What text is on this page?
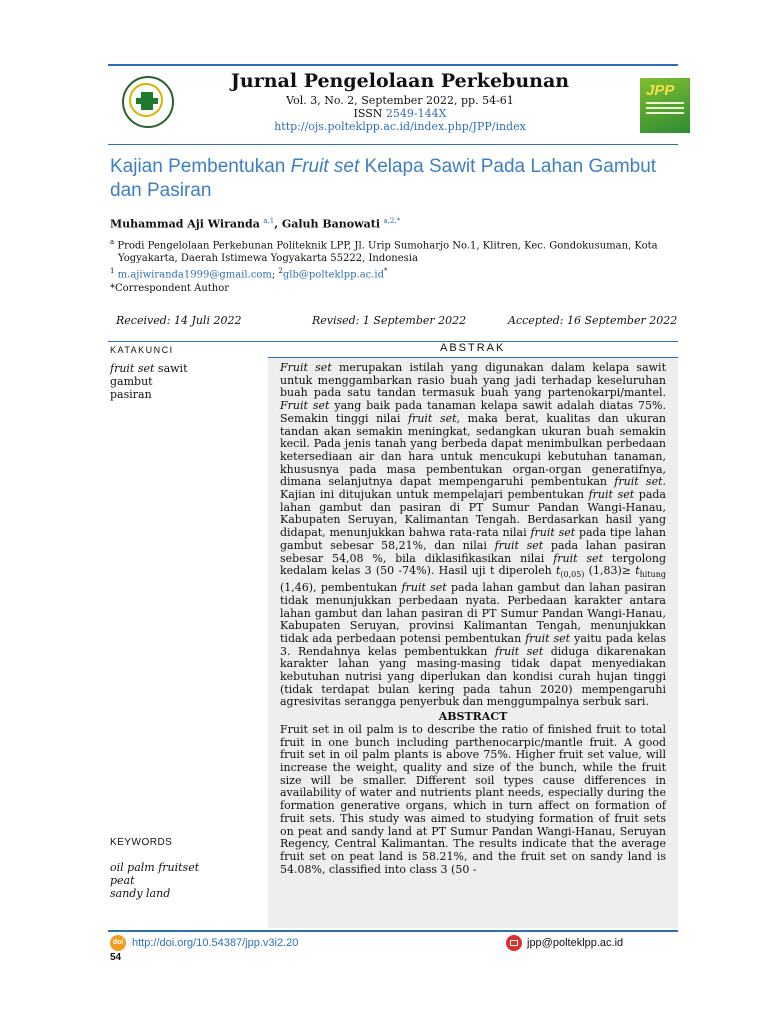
Jurnal Pengelolaan Perkebunan
Vol. 3, No. 2, September 2022, pp. 54-61
ISSN 2549-144X
http://ojs.polteklpp.ac.id/index.php/JPP/index
JPP
Kajian Pembentukan Fruit set Kelapa Sawit Pada Lahan Gambut dan Pasiran
Muhammad Aji Wiranda $^{a,1}$, Galuh Banowati $^{a,2,*}$
$^a$ Prodi Pengelolaan Perkebunan Politeknik LPP, Jl. Urip Sumoharjo No.1, Klitren, Kec. Gondokusuman, Kota
Yogyakarta, Daerah Istimewa Yogyakarta 55222, Indonesia
$^1$ m.ajiwiranda1999@gmail.com; $^2$glb@polteklpp.ac.id*
*Correspondent Author
Received: 14 Juli 2022	Revised: 1 September 2022	Accepted: 16 September 2022
KATAKUNCI	ABSTRAK
fruit set sawit
gambut
pasiran
Fruit set merupakan istilah yang digunakan dalam kelapa sawit untuk menggambarkan rasio buah yang jadi terhadap keseluruhan buah pada satu tandan termasuk buah yang partenokarpi/mantel. Fruit set yang baik pada tanaman kelapa sawit adalah diatas 75%. Semakin tinggi nilai fruit set, maka berat, kualitas dan ukuran tandan akan semakin meningkat, sedangkan ukuran buah semakin kecil. Pada jenis tanah yang berbeda dapat menimbulkan perbedaan ketersediaan air dan hara untuk mencukupi kebutuhan tanaman, khususnya pada masa pembentukan organ-organ generatifnya, dimana selanjutnya dapat mempengaruhi pembentukan fruit set. Kajian ini ditujukan untuk mempelajari pembentukan fruit set pada lahan gambut dan pasiran di PT Sumur Pandan Wangi-Hanau, Kabupaten Seruyan, Kalimantan Tengah. Berdasarkan hasil yang didapat, menunjukkan bahwa rata-rata nilai fruit set pada tipe lahan gambut sebesar 58,21%, dan nilai fruit set pada lahan pasiran sebesar 54,08 %, bila diklasifikasikan nilai fruit set tergolong kedalam kelas 3 (50 -74%). Hasil uji t diperoleh $t_{(0,05)}$ $(1,83)\ge t_{hitung}$ (1,46), pembentukan fruit set pada lahan gambut dan lahan pasiran tidak menunjukkan perbedaan nyata. Perbedaan karakter antara lahan gambut dan lahan pasiran di PT Sumur Pandan Wangi-Hanau, Kabupaten Seruyan, provinsi Kalimantan Tengah, menunjukkan tidak ada perbedaan potensi pembentukan fruit set yaitu pada kelas 3. Rendahnya kelas pembentukkan fruit set diduga dikarenakan karakter lahan yang masing-masing tidak dapat menyediakan kebutuhan nutrisi yang diperlukan dan kondisi curah hujan tinggi (tidak terdapat bulan kering pada tahun 2020) mempengaruhi agresivitas serangga penyerbuk dan menggumpalnya serbuk sari.
ABSTRACT
Fruit set in oil palm is to describe the ratio of finished fruit to total fruit in one bunch including parthenocarpic/mantle fruit. A good fruit set in oil palm plants is above 75%. Higher fruit set value, will increase the weight, quality and size of the bunch, while the fruit size will be smaller. Different soil types cause differences in availability of water and nutrients plant needs, especially during the formation generative organs, which in turn affect on formation of fruit sets. This study was aimed to studying formation of fruit sets on peat and sandy land at PT Sumur Pandan Wangi-Hanau, Seruyan Regency, Central Kalimantan. The results indicate that the average fruit set on peat land is 58.21%, and the fruit set on sandy land is 54.08%, classified into class 3 (50 -
KEYWORDS
oil palm fruitset
peat
sandy land
doi http://doi.org/10.54387/jpp.v3i2.20	jpp@polteklpp.ac.id
54
